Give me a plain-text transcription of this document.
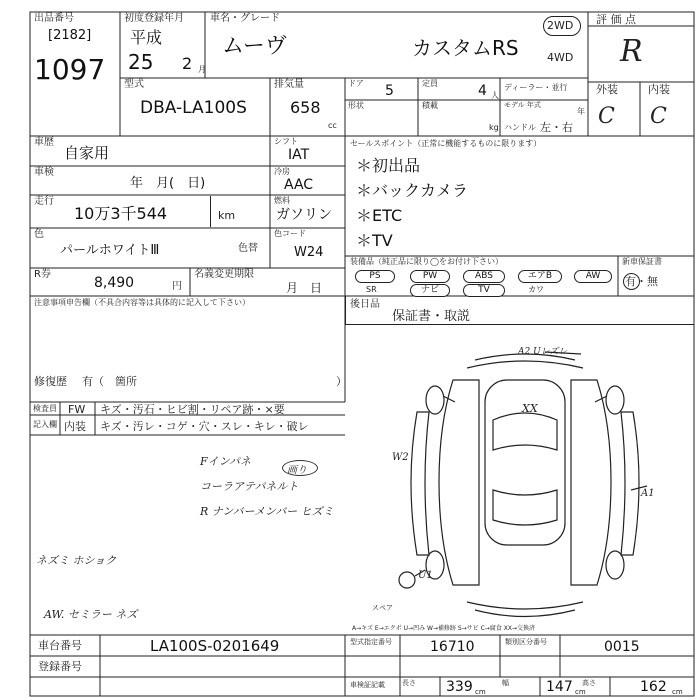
出品番号
[2182]
1097
初度登録年月
平成
25 2 月
車名・グレード
ムーヴ	カスタムRS
2WD
4WD
評 価 点
R
外装	内装
C C
型式
DBA-LA100S
排気量
658
cc
ドア 5	定員	4 人
形状	積載
kg
ディーラー・並行
モデル 年式
年
ハンドル 左・右
車歴
自家用
車検
年　月(　日)
走行
10万3千544	km
色
パールホワイトⅢ	色替
R券
8,490	円
名義変更期限
月　日
シフト
IAT
冷房
AAC
燃料
ガソリン
色コード
W24
セールスポイント（正常に機能するものに限ります）
＊初出品
＊バックカメラ
＊ETC
＊TV
装備品（純正品に限り◯をお付け下さい）
PS	PW	ABS	エアB	AW
SR	ナビ	TV	カワ
新車保証書
有・無
後日品
保証書・取説
注意事項申告欄（不具合内容等は具体的に記入して下さい）
修復歴 有（　箇所	）
検査員
記入欄
FW キズ・汚石・ヒビ割・リペア跡・×要
内装 キズ・汚レ・コゲ・穴・スレ・キレ・破レ
Fインパネ
画り
コーラアテパネルト
R ナンバーメンバー ヒズミ
ネズミ ホショク
AW. セミラー ネズ
A2 Uレズレ
XX
W2
A1
U1
スペア
A→キズ E→エクボ U→凹み W→補修跡 S→サビ C→腐食 XX→交換済
車台番号	LA100S-0201649
登録番号
型式指定番号	16710	類別区分番号	0015
車検証記載 長さ 339 cm
幅	147 cm
高さ	162 cm
